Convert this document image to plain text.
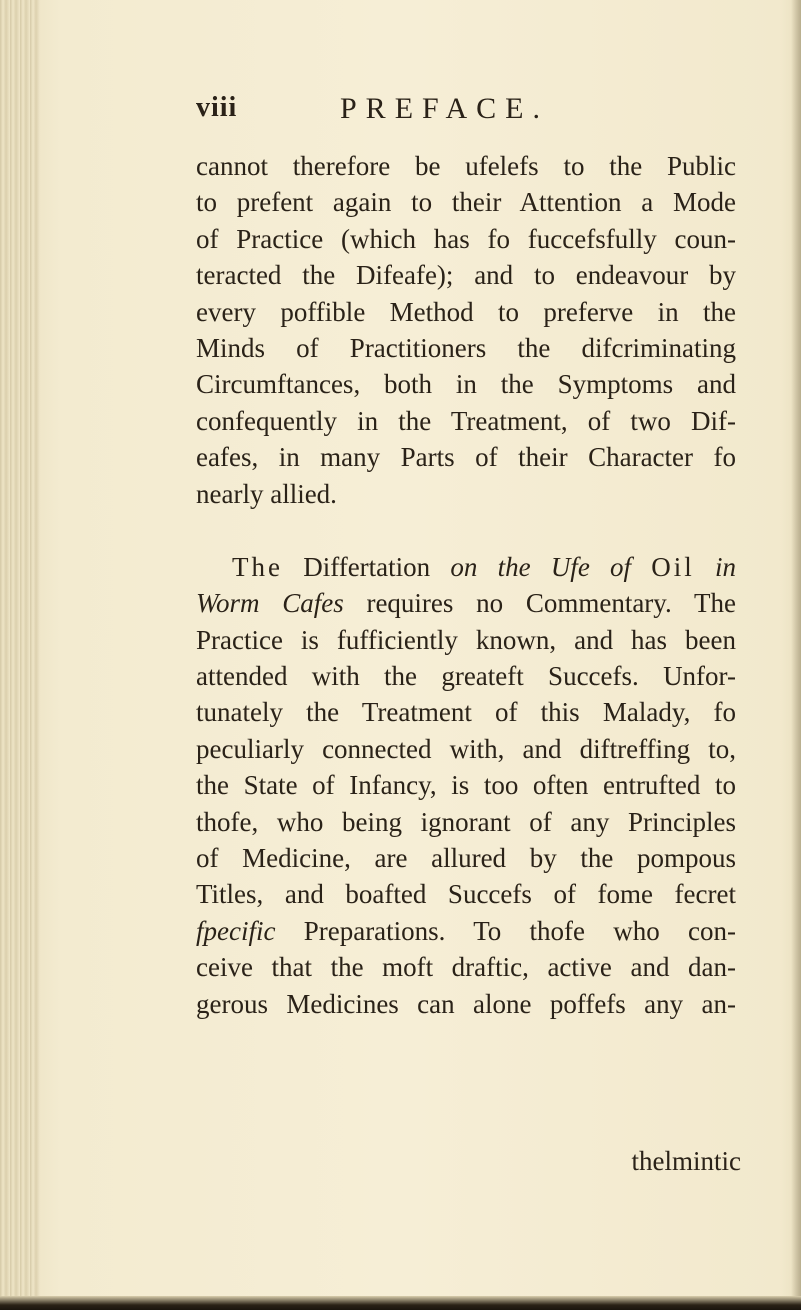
viii	PREFACE.
cannot therefore be ufelefs to the Public
to prefent again to their Attention a Mode
of Practice (which has fo fuccefsfully coun-
teracted the Difeafe); and to endeavour by
every poffible Method to preferve in the
Minds of Practitioners the difcriminating
Circumftances, both in the Symptoms and
confequently in the Treatment, of two Dif-
eafes, in many Parts of their Character fo
nearly allied.
The Differtation on the Ufe of Oil in
Worm Cafes requires no Commentary. The
Practice is fufficiently known, and has been
attended with the greateft Succefs. Unfor-
tunately the Treatment of this Malady, fo
peculiarly connected with, and diftreffing to,
the State of Infancy, is too often entrufted to
thofe, who being ignorant of any Principles
of Medicine, are allured by the pompous
Titles, and boafted Succefs of fome fecret
fpecific Preparations. To thofe who con-
ceive that the moft draftic, active and dan-
gerous Medicines can alone poffefs any an-
thelmintic
